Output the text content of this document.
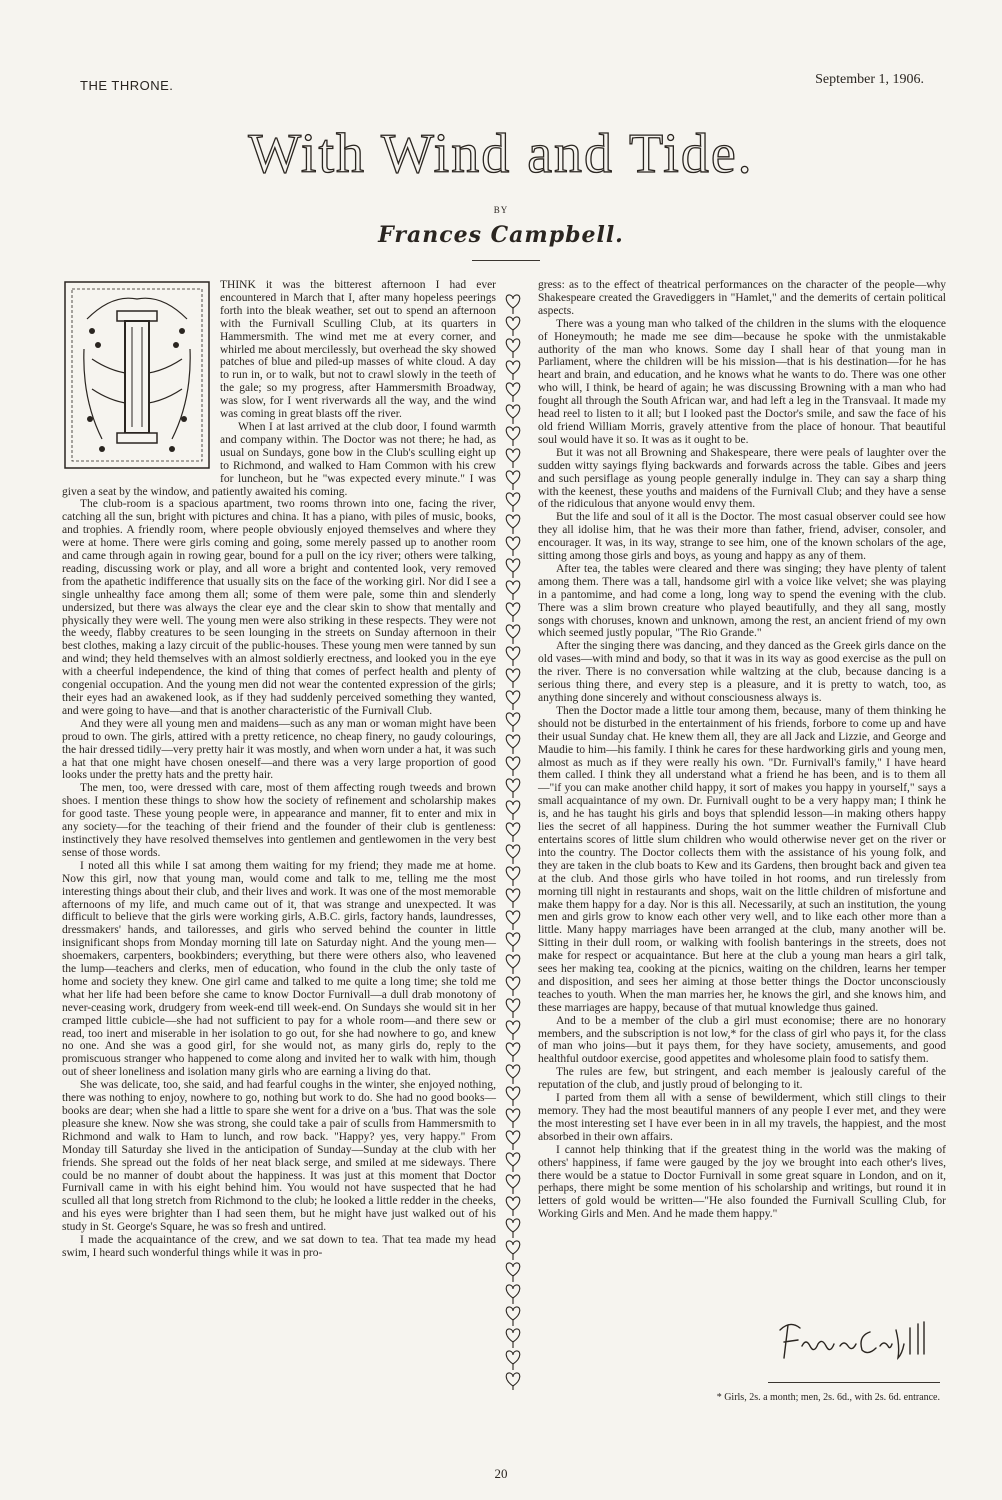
THE THRONE.	September 1, 1906.
With Wind and Tide.
BY
Frances Campbell.

THINK it was the bitterest afternoon I had ever encountered in March that I, after many hopeless peerings forth into the bleak weather, set out to spend an afternoon with the Furnivall Sculling Club, at its quarters in Hammersmith. The wind met me at every corner, and whirled me about mercilessly, but overhead the sky showed patches of blue and piled-up masses of white cloud. A day to run in, or to walk, but not to crawl slowly in the teeth of the gale; so my progress, after Hammersmith Broadway, was slow, for I went riverwards all the way, and the wind was coming in great blasts off the river.

When I at last arrived at the club door, I found warmth and company within. The Doctor was not there; he had, as usual on Sundays, gone bow in the Club's sculling eight up to Richmond, and walked to Ham Common with his crew for luncheon, but he "was expected every minute." I was given a seat by the window, and patiently awaited his coming.

The club-room is a spacious apartment, two rooms thrown into one, facing the river, catching all the sun, bright with pictures and china. It has a piano, with piles of music, books, and trophies. A friendly room, where people obviously enjoyed themselves and where they were at home. There were girls coming and going, some merely passed up to another room and came through again in rowing gear, bound for a pull on the icy river; others were talking, reading, discussing work or play, and all wore a bright and contented look, very removed from the apathetic indifference that usually sits on the face of the working girl. Nor did I see a single unhealthy face among them all; some of them were pale, some thin and slenderly undersized, but there was always the clear eye and the clear skin to show that mentally and physically they were well. The young men were also striking in these respects. They were not the weedy, flabby creatures to be seen lounging in the streets on Sunday afternoon in their best clothes, making a lazy circuit of the public-houses. These young men were tanned by sun and wind; they held themselves with an almost soldierly erectness, and looked you in the eye with a cheerful independence, the kind of thing that comes of perfect health and plenty of congenial occupation. And the young men did not wear the contented expression of the girls; their eyes had an awakened look, as if they had suddenly perceived something they wanted, and were going to have—and that is another characteristic of the Furnivall Club.

And they were all young men and maidens—such as any man or woman might have been proud to own. The girls, attired with a pretty reticence, no cheap finery, no gaudy colourings, the hair dressed tidily—very pretty hair it was mostly, and when worn under a hat, it was such a hat that one might have chosen oneself—and there was a very large proportion of good looks under the pretty hats and the pretty hair.

The men, too, were dressed with care, most of them affecting rough tweeds and brown shoes. I mention these things to show how the society of refinement and scholarship makes for good taste. These young people were, in appearance and manner, fit to enter and mix in any society—for the teaching of their friend and the founder of their club is gentleness: instinctively they have resolved themselves into gentlemen and gentlewomen in the very best sense of those words.

I noted all this while I sat among them waiting for my friend; they made me at home. Now this girl, now that young man, would come and talk to me, telling me the most interesting things about their club, and their lives and work. It was one of the most memorable afternoons of my life, and much came out of it, that was strange and unexpected. It was difficult to believe that the girls were working girls, A.B.C. girls, factory hands, laundresses, dressmakers' hands, and tailoresses, and girls who served behind the counter in little insignificant shops from Monday morning till late on Saturday night. And the young men—shoemakers, carpenters, bookbinders; everything, but there were others also, who leavened the lump—teachers and clerks, men of education, who found in the club the only taste of home and society they knew. One girl came and talked to me quite a long time; she told me what her life had been before she came to know Doctor Furnivall—a dull drab monotony of never-ceasing work, drudgery from week-end till week-end. On Sundays she would sit in her cramped little cubicle—she had not sufficient to pay for a whole room—and there sew or read, too inert and miserable in her isolation to go out, for she had nowhere to go, and knew no one. And she was a good girl, for she would not, as many girls do, reply to the promiscuous stranger who happened to come along and invited her to walk with him, though out of sheer loneliness and isolation many girls who are earning a living do that.

She was delicate, too, she said, and had fearful coughs in the winter, she enjoyed nothing, there was nothing to enjoy, nowhere to go, nothing but work to do. She had no good books—books are dear; when she had a little to spare she went for a drive on a 'bus. That was the sole pleasure she knew. Now she was strong, she could take a pair of sculls from Hammersmith to Richmond and walk to Ham to lunch, and row back. "Happy? yes, very happy." From Monday till Saturday she lived in the anticipation of Sunday—Sunday at the club with her friends. She spread out the folds of her neat black serge, and smiled at me sideways. There could be no manner of doubt about the happiness. It was just at this moment that Doctor Furnivall came in with his eight behind him. You would not have suspected that he had sculled all that long stretch from Richmond to the club; he looked a little redder in the cheeks, and his eyes were brighter than I had seen them, but he might have just walked out of his study in St. George's Square, he was so fresh and untired.

I made the acquaintance of the crew, and we sat down to tea. That tea made my head swim, I heard such wonderful things while it was in pro-

gress: as to the effect of theatrical performances on the character of the people—why Shakespeare created the Gravediggers in "Hamlet," and the demerits of certain political aspects.

There was a young man who talked of the children in the slums with the eloquence of Honeymouth; he made me see dim—because he spoke with the unmistakable authority of the man who knows. Some day I shall hear of that young man in Parliament, where the children will be his mission—that is his destination—for he has heart and brain, and education, and he knows what he wants to do. There was one other who will, I think, be heard of again; he was discussing Browning with a man who had fought all through the South African war, and had left a leg in the Transvaal. It made my head reel to listen to it all; but I looked past the Doctor's smile, and saw the face of his old friend William Morris, gravely attentive from the place of honour. That beautiful soul would have it so. It was as it ought to be.

But it was not all Browning and Shakespeare, there were peals of laughter over the sudden witty sayings flying backwards and forwards across the table. Gibes and jeers and such persiflage as young people generally indulge in. They can say a sharp thing with the keenest, these youths and maidens of the Furnivall Club; and they have a sense of the ridiculous that anyone would envy them.

But the life and soul of it all is the Doctor. The most casual observer could see how they all idolise him, that he was their more than father, friend, adviser, consoler, and encourager. It was, in its way, strange to see him, one of the known scholars of the age, sitting among those girls and boys, as young and happy as any of them.

After tea, the tables were cleared and there was singing; they have plenty of talent among them. There was a tall, handsome girl with a voice like velvet; she was playing in a pantomime, and had come a long, long way to spend the evening with the club. There was a slim brown creature who played beautifully, and they all sang, mostly songs with choruses, known and unknown, among the rest, an ancient friend of my own which seemed justly popular, "The Rio Grande."

After the singing there was dancing, and they danced as the Greek girls dance on the old vases—with mind and body, so that it was in its way as good exercise as the pull on the river. There is no conversation while waltzing at the club, because dancing is a serious thing there, and every step is a pleasure, and it is pretty to watch, too, as anything done sincerely and without consciousness always is.

Then the Doctor made a little tour among them, because, many of them thinking he should not be disturbed in the entertainment of his friends, forbore to come up and have their usual Sunday chat. He knew them all, they are all Jack and Lizzie, and George and Maudie to him—his family. I think he cares for these hardworking girls and young men, almost as much as if they were really his own. "Dr. Furnivall's family," I have heard them called. I think they all understand what a friend he has been, and is to them all—"if you can make another child happy, it sort of makes you happy in yourself," says a small acquaintance of my own. Dr. Furnivall ought to be a very happy man; I think he is, and he has taught his girls and boys that splendid lesson—in making others happy lies the secret of all happiness. During the hot summer weather the Furnivall Club entertains scores of little slum children who would otherwise never get on the river or into the country. The Doctor collects them with the assistance of his young folk, and they are taken in the club boats to Kew and its Gardens, then brought back and given tea at the club. And those girls who have toiled in hot rooms, and run tirelessly from morning till night in restaurants and shops, wait on the little children of misfortune and make them happy for a day. Nor is this all. Necessarily, at such an institution, the young men and girls grow to know each other very well, and to like each other more than a little. Many happy marriages have been arranged at the club, many another will be. Sitting in their dull room, or walking with foolish banterings in the streets, does not make for respect or acquaintance. But here at the club a young man hears a girl talk, sees her making tea, cooking at the picnics, waiting on the children, learns her temper and disposition, and sees her aiming at those better things the Doctor unconsciously teaches to youth. When the man marries her, he knows the girl, and she knows him, and these marriages are happy, because of that mutual knowledge thus gained.

And to be a member of the club a girl must economise; there are no honorary members, and the subscription is not low,* for the class of girl who pays it, for the class of man who joins—but it pays them, for they have society, amusements, and good healthful outdoor exercise, good appetites and wholesome plain food to satisfy them.

The rules are few, but stringent, and each member is jealously careful of the reputation of the club, and justly proud of belonging to it.

I parted from them all with a sense of bewilderment, which still clings to their memory. They had the most beautiful manners of any people I ever met, and they were the most interesting set I have ever been in in all my travels, the happiest, and the most absorbed in their own affairs.

I cannot help thinking that if the greatest thing in the world was the making of others' happiness, if fame were gauged by the joy we brought into each other's lives, there would be a statue to Doctor Furnivall in some great square in London, and on it, perhaps, there might be some mention of his scholarship and writings, but round it in letters of gold would be written—"He also founded the Furnivall Sculling Club, for Working Girls and Men. And he made them happy."

* Girls, 2s. a month; men, 2s. 6d., with 2s. 6d. entrance.
20
